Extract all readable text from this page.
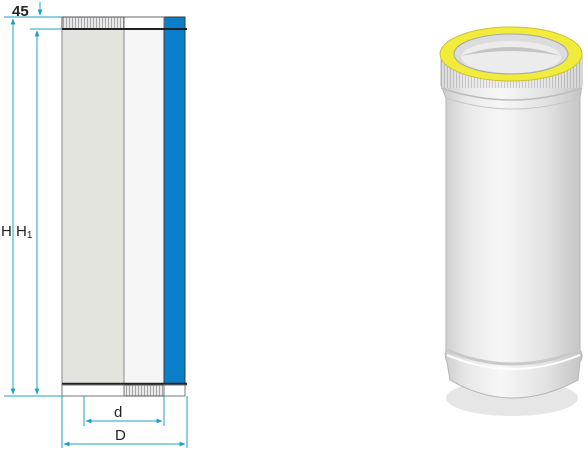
45
H H1
d
D
